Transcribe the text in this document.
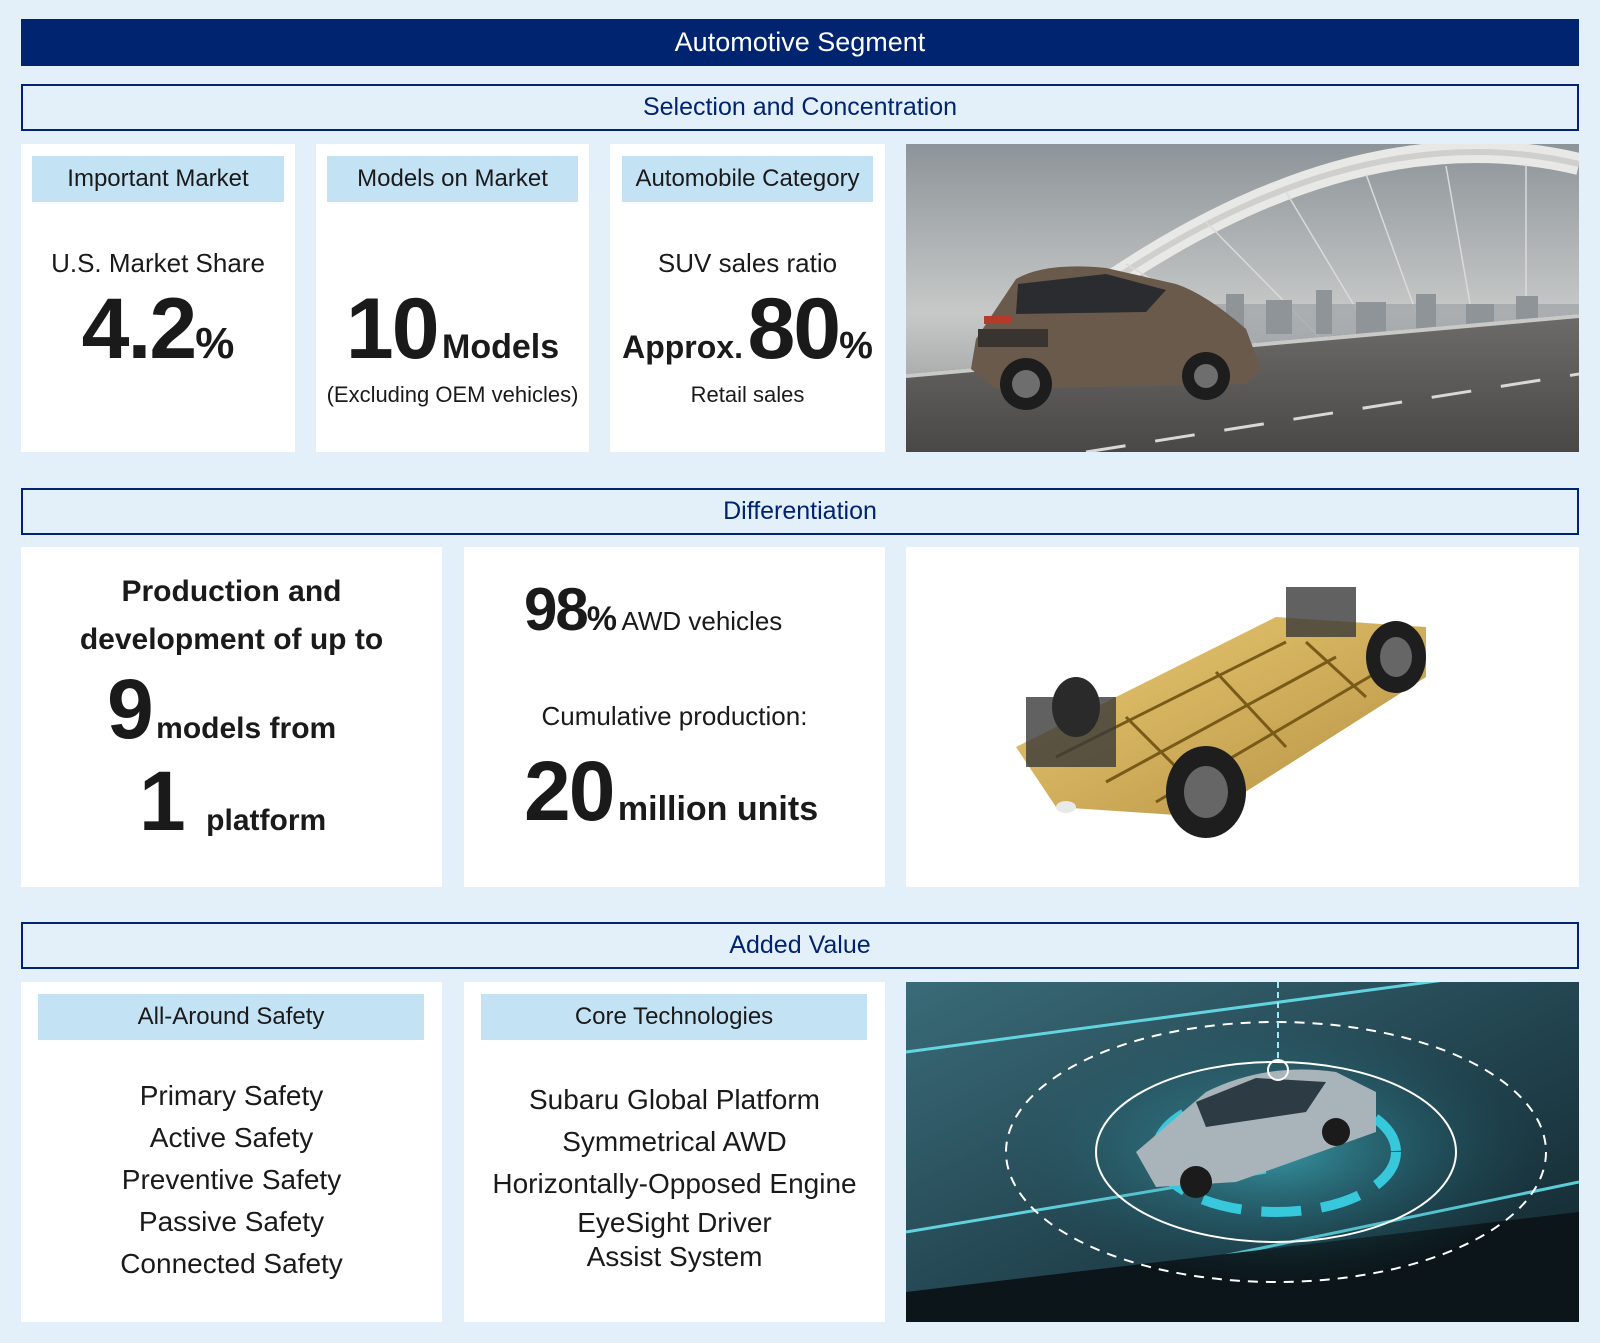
Automotive Segment
Selection and Concentration
Important Market
U.S. Market Share
4.2%
Models on Market
10 Models
(Excluding OEM vehicles)
Automobile Category
SUV sales ratio
Approx. 80%
Retail sales
Differentiation
Production and
development of up to
9 models from
1 platform
98% AWD vehicles
Cumulative production:
20 million units
Added Value
All-Around Safety
Primary Safety
Active Safety
Preventive Safety
Passive Safety
Connected Safety
Core Technologies
Subaru Global Platform
Symmetrical AWD
Horizontally-Opposed Engine
EyeSight Driver
Assist System
